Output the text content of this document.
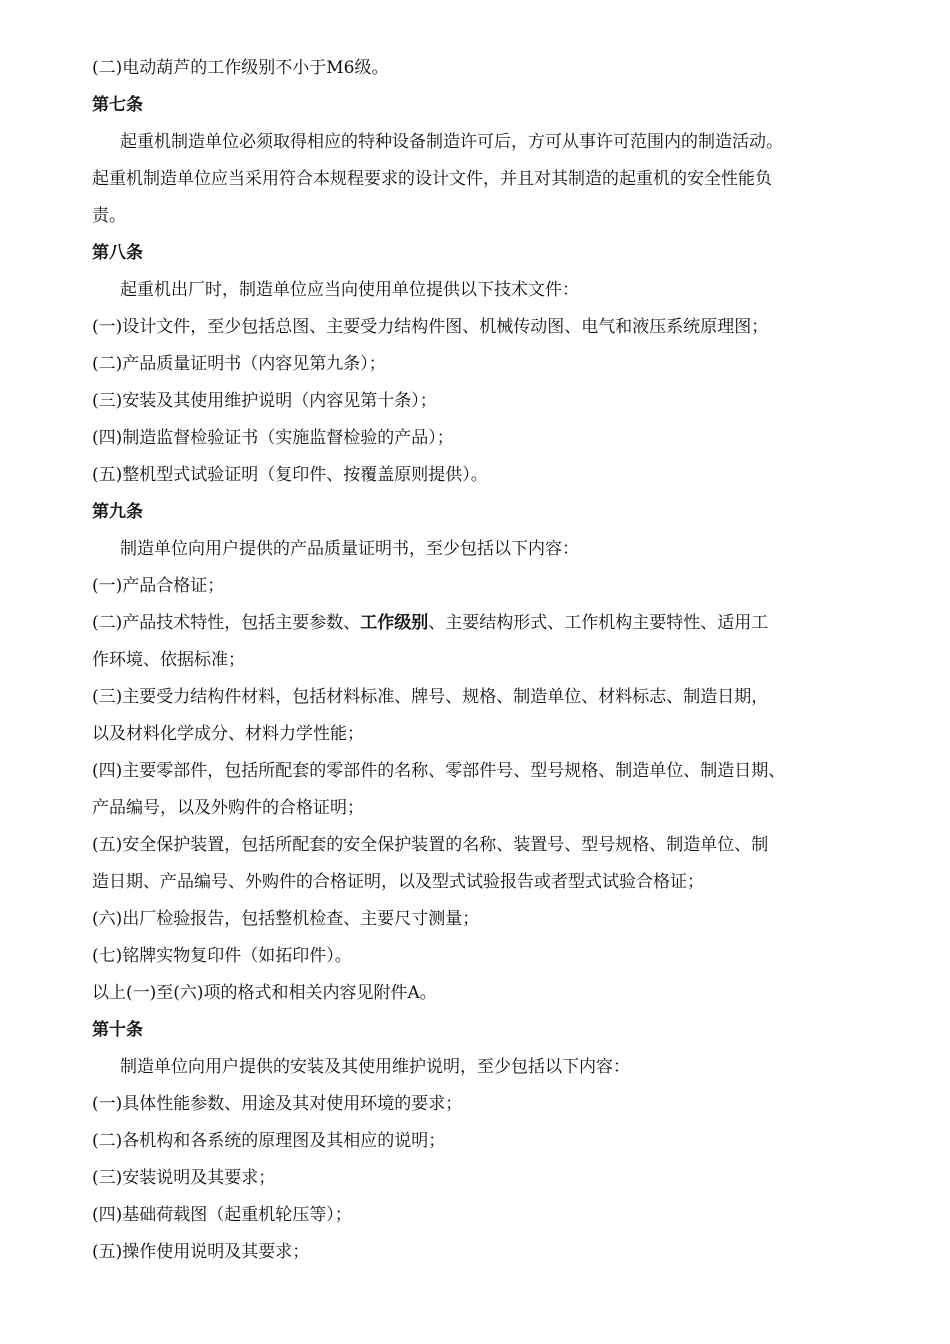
(二)电动葫芦的工作级别不小于M6级。
第七条
起重机制造单位必须取得相应的特种设备制造许可后，方可从事许可范围内的制造活动。
起重机制造单位应当采用符合本规程要求的设计文件，并且对其制造的起重机的安全性能负
责。
第八条
起重机出厂时，制造单位应当向使用单位提供以下技术文件：
(一)设计文件，至少包括总图、主要受力结构件图、机械传动图、电气和液压系统原理图；
(二)产品质量证明书（内容见第九条）；
(三)安装及其使用维护说明（内容见第十条）；
(四)制造监督检验证书（实施监督检验的产品）；
(五)整机型式试验证明（复印件、按覆盖原则提供）。
第九条
制造单位向用户提供的产品质量证明书，至少包括以下内容：
(一)产品合格证；
(二)产品技术特性，包括主要参数、工作级别、主要结构形式、工作机构主要特性、适用工
作环境、依据标准；
(三)主要受力结构件材料，包括材料标准、牌号、规格、制造单位、材料标志、制造日期，
以及材料化学成分、材料力学性能；
(四)主要零部件，包括所配套的零部件的名称、零部件号、型号规格、制造单位、制造日期、
产品编号，以及外购件的合格证明；
(五)安全保护装置，包括所配套的安全保护装置的名称、装置号、型号规格、制造单位、制
造日期、产品编号、外购件的合格证明，以及型式试验报告或者型式试验合格证；
(六)出厂检验报告，包括整机检查、主要尺寸测量；
(七)铭牌实物复印件（如拓印件）。
以上(一)至(六)项的格式和相关内容见附件A。
第十条
制造单位向用户提供的安装及其使用维护说明，至少包括以下内容：
(一)具体性能参数、用途及其对使用环境的要求；
(二)各机构和各系统的原理图及其相应的说明；
(三)安装说明及其要求；
(四)基础荷载图（起重机轮压等）；
(五)操作使用说明及其要求；
